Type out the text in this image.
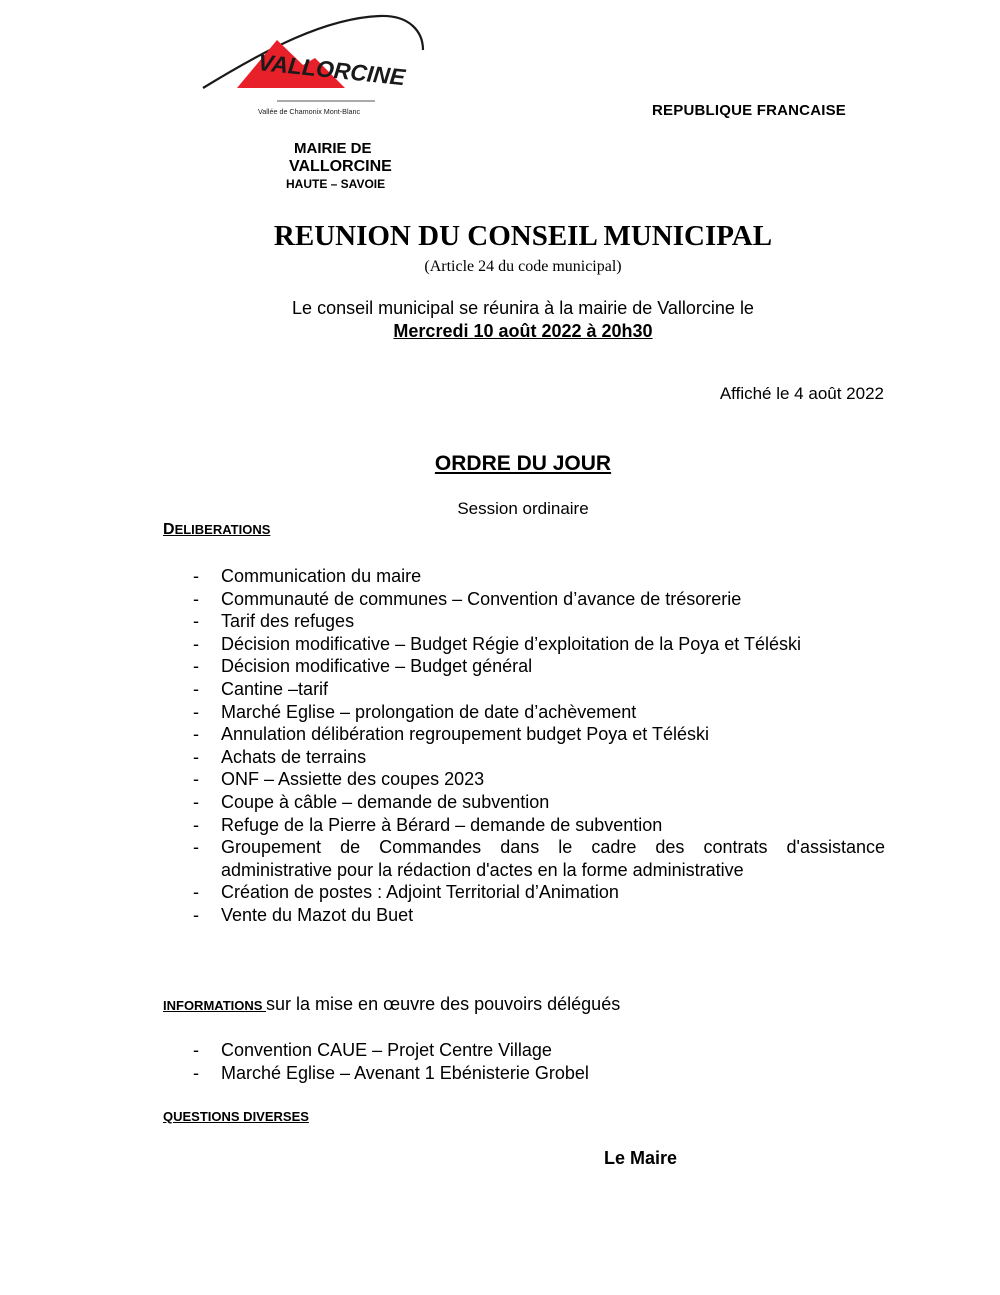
VALLORCINE
Vallée de Chamonix Mont-Blanc	REPUBLIQUE FRANCAISE
MAIRIE DE
VALLORCINE
HAUTE – SAVOIE
REUNION DU CONSEIL MUNICIPAL
(Article 24 du code municipal)
Le conseil municipal se réunira à la mairie de Vallorcine le
Mercredi 10 août 2022 à 20h30
Affiché le 4 août 2022
ORDRE DU JOUR
Session ordinaire
DELIBERATIONS
- Communication du maire
- Communauté de communes – Convention d’avance de trésorerie
- Tarif des refuges
- Décision modificative – Budget Régie d’exploitation de la Poya et Téléski
- Décision modificative – Budget général
- Cantine –tarif
- Marché Eglise – prolongation de date d’achèvement
- Annulation délibération regroupement budget Poya et Téléski
- Achats de terrains
- ONF – Assiette des coupes 2023
- Coupe à câble – demande de subvention
- Refuge de la Pierre à Bérard – demande de subvention
- Groupement de Commandes dans le cadre des contrats d'assistance administrative pour la rédaction d'actes en la forme administrative
- Création de postes : Adjoint Territorial d’Animation
- Vente du Mazot du Buet
INFORMATIONS sur la mise en œuvre des pouvoirs délégués
- Convention CAUE – Projet Centre Village
- Marché Eglise – Avenant 1 Ebénisterie Grobel
QUESTIONS DIVERSES
Le Maire
